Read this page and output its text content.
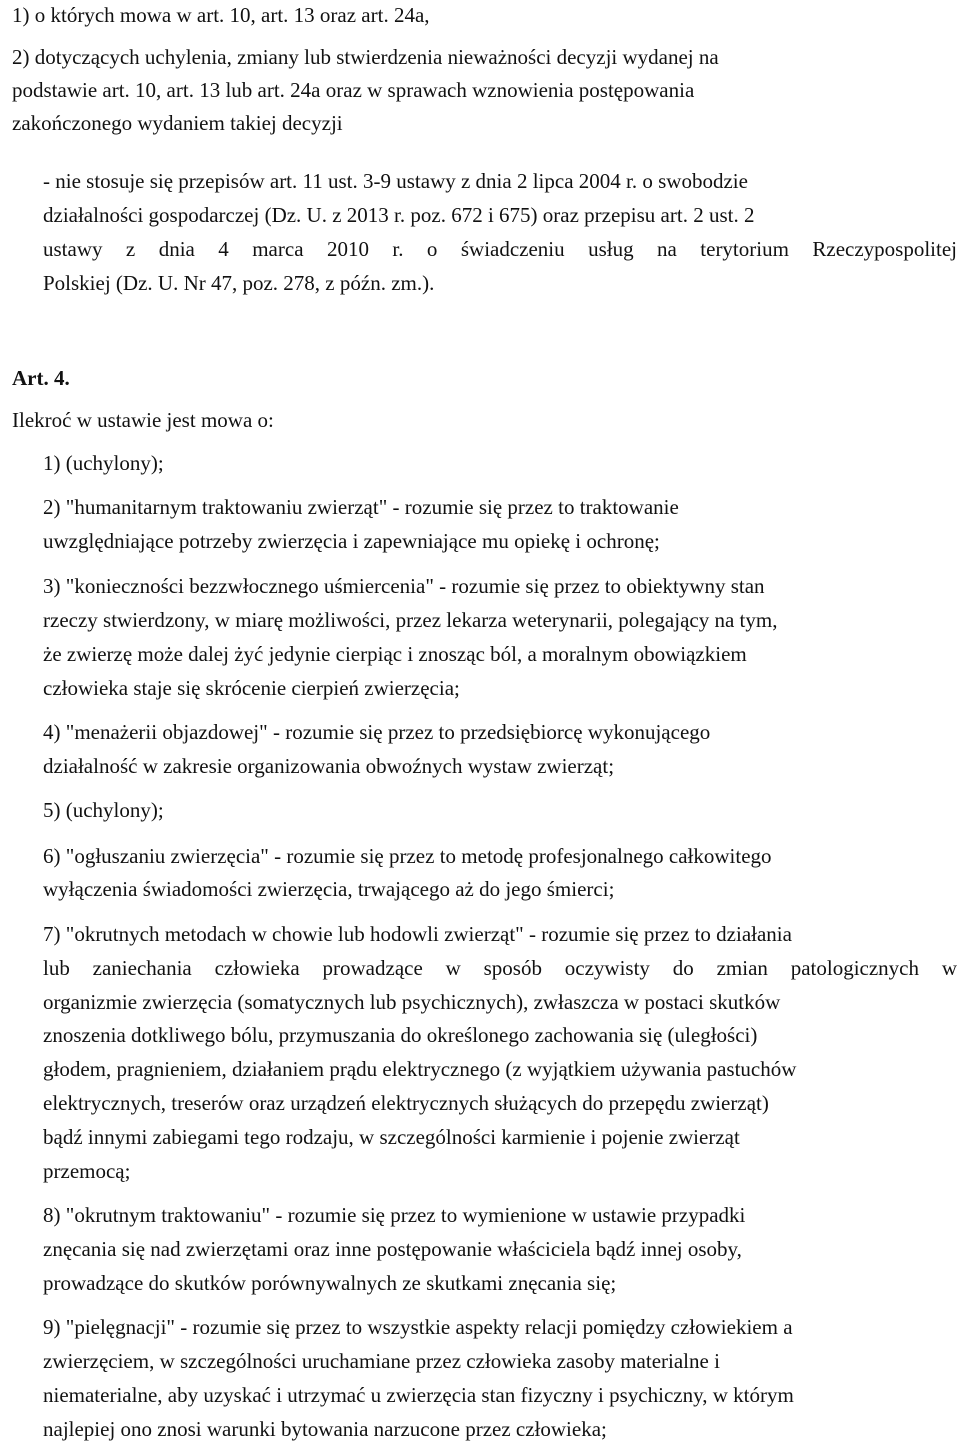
1) o których mowa w art. 10, art. 13 oraz art. 24a,
2) dotyczących uchylenia, zmiany lub stwierdzenia nieważności decyzji wydanej na
podstawie art. 10, art. 13 lub art. 24a oraz w sprawach wznowienia postępowania
zakończonego wydaniem takiej decyzji
- nie stosuje się przepisów art. 11 ust. 3-9 ustawy z dnia 2 lipca 2004 r. o swobodzie
działalności gospodarczej (Dz. U. z 2013 r. poz. 672 i 675) oraz przepisu art. 2 ust. 2
ustawy z dnia 4 marca 2010 r. o świadczeniu usług na terytorium Rzeczypospolitej
Polskiej (Dz. U. Nr 47, poz. 278, z późn. zm.).
Art. 4.
Ilekroć w ustawie jest mowa o:
1) (uchylony);
2) "humanitarnym traktowaniu zwierząt" - rozumie się przez to traktowanie
uwzględniające potrzeby zwierzęcia i zapewniające mu opiekę i ochronę;
3) "konieczności bezzwłocznego uśmiercenia" - rozumie się przez to obiektywny stan
rzeczy stwierdzony, w miarę możliwości, przez lekarza weterynarii, polegający na tym,
że zwierzę może dalej żyć jedynie cierpiąc i znosząc ból, a moralnym obowiązkiem
człowieka staje się skrócenie cierpień zwierzęcia;
4) "menażerii objazdowej" - rozumie się przez to przedsiębiorcę wykonującego
działalność w zakresie organizowania obwoźnych wystaw zwierząt;
5) (uchylony);
6) "ogłuszaniu zwierzęcia" - rozumie się przez to metodę profesjonalnego całkowitego
wyłączenia świadomości zwierzęcia, trwającego aż do jego śmierci;
7) "okrutnych metodach w chowie lub hodowli zwierząt" - rozumie się przez to działania
lub zaniechania człowieka prowadzące w sposób oczywisty do zmian patologicznych w
organizmie zwierzęcia (somatycznych lub psychicznych), zwłaszcza w postaci skutków
znoszenia dotkliwego bólu, przymuszania do określonego zachowania się (uległości)
głodem, pragnieniem, działaniem prądu elektrycznego (z wyjątkiem używania pastuchów
elektrycznych, treserów oraz urządzeń elektrycznych służących do przepędu zwierząt)
bądź innymi zabiegami tego rodzaju, w szczególności karmienie i pojenie zwierząt
przemocą;
8) "okrutnym traktowaniu" - rozumie się przez to wymienione w ustawie przypadki
znęcania się nad zwierzętami oraz inne postępowanie właściciela bądź innej osoby,
prowadzące do skutków porównywalnych ze skutkami znęcania się;
9) "pielęgnacji" - rozumie się przez to wszystkie aspekty relacji pomiędzy człowiekiem a
zwierzęciem, w szczególności uruchamiane przez człowieka zasoby materialne i
niematerialne, aby uzyskać i utrzymać u zwierzęcia stan fizyczny i psychiczny, w którym
najlepiej ono znosi warunki bytowania narzucone przez człowieka;
